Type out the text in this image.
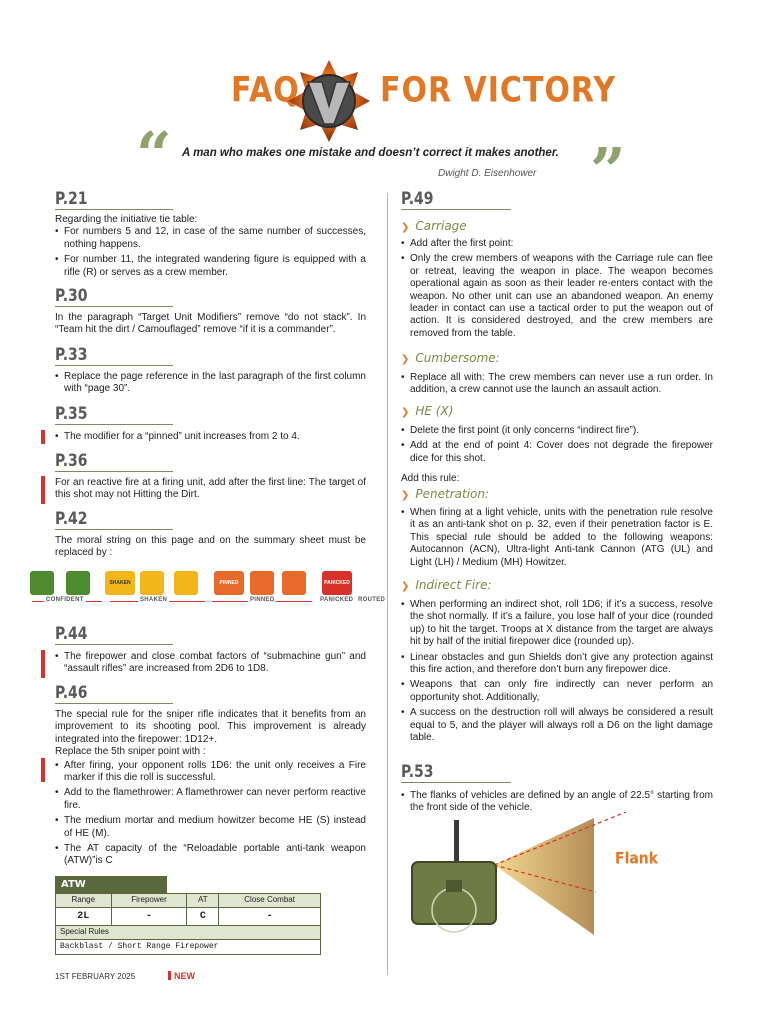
FAQ	FOR VICTORY
“ A man who makes one mistake and doesn’t correct it makes another.
Dwight D. Eisenhower ”
P.21
Regarding the initiative tie table:
• For numbers 5 and 12, in case of the same number of successes, nothing happens.
• For number 11, the integrated wandering figure is equipped with a rifle (R) or serves as a crew member.
P.30
In the paragraph “Target Unit Modifiers” remove “do not stack”. In “Team hit the dirt / Camouflaged” remove “if it is a commander”.
P.33
• Replace the page reference in the last paragraph of the first column with “page 30”.
P.35
• The modifier for a “pinned” unit increases from 2 to 4.
P.36
For an reactive fire at a firing unit, add after the first line: The target of this shot may not Hitting the Dirt.
P.42
The moral string on this page and on the summary sheet must be replaced by :
SHAKEN	PINNED	PANICKED
CONFIDENT	SHAKEN	PINNED	PANICKED ROUTED
P.44
• The firepower and close combat factors of “submachine gun” and “assault rifles” are increased from 2D6 to 1D8.
P.46
The special rule for the sniper rifle indicates that it benefits from an improvement to its shooting pool. This improvement is already integrated into the firepower: 1D12+.
Replace the 5th sniper point with :
• After firing, your opponent rolls 1D6: the unit only receives a Fire marker if this die roll is successful.
• Add to the flamethrower: A flamethrower can never perform reactive fire.
• The medium mortar and medium howitzer become HE (S) instead of HE (M).
• The AT capacity of the “Reloadable portable anti-tank weapon (ATW)”is C
ATW
Range	Firepower	AT	Close Combat
2L	-	C	-
Special Rules			
Backblast / Short Range Firepower			
1ST FEBRUARY 2025	NEW
P.49
❯ Carriage
• Add after the first point:
• Only the crew members of weapons with the Carriage rule can flee or retreat, leaving the weapon in place. The weapon becomes operational again as soon as their leader re-enters contact with the weapon. No other unit can use an abandoned weapon. An enemy leader in contact can use a tactical order to put the weapon out of action. It is considered destroyed, and the crew members are removed from the table.
❯ Cumbersome:
• Replace all with: The crew members can never use a run order. In addition, a crew cannot use the launch an assault action.
❯ HE (X)
• Delete the first point (it only concerns “indirect fire”).
• Add at the end of point 4: Cover does not degrade the firepower dice for this shot.
Add this rule:
❯ Penetration:
• When firing at a light vehicle, units with the penetration rule resolve it as an anti-tank shot on p. 32, even if their penetration factor is E. This special rule should be added to the following weapons: Autocannon (ACN), Ultra-light Anti-tank Cannon (ATG (UL) and Light (LH) / Medium (MH) Howitzer.
❯ Indirect Fire:
• When performing an indirect shot, roll 1D6; if it’s a success, resolve the shot normally. If it’s a failure, you lose half of your dice (rounded up) to hit the target. Troops at X distance from the target are always hit by half of the initial firepower dice (rounded up).
• Linear obstacles and gun Shields don’t give any protection against this fire action, and therefore don’t burn any firepower dice.
• Weapons that can only fire indirectly can never perform an opportunity shot. Additionally,
• A success on the destruction roll will always be considered a result equal to 5, and the player will always roll a D6 on the light damage table.
P.53
• The flanks of vehicles are defined by an angle of 22.5° starting from the front side of the vehicle.
Flank
